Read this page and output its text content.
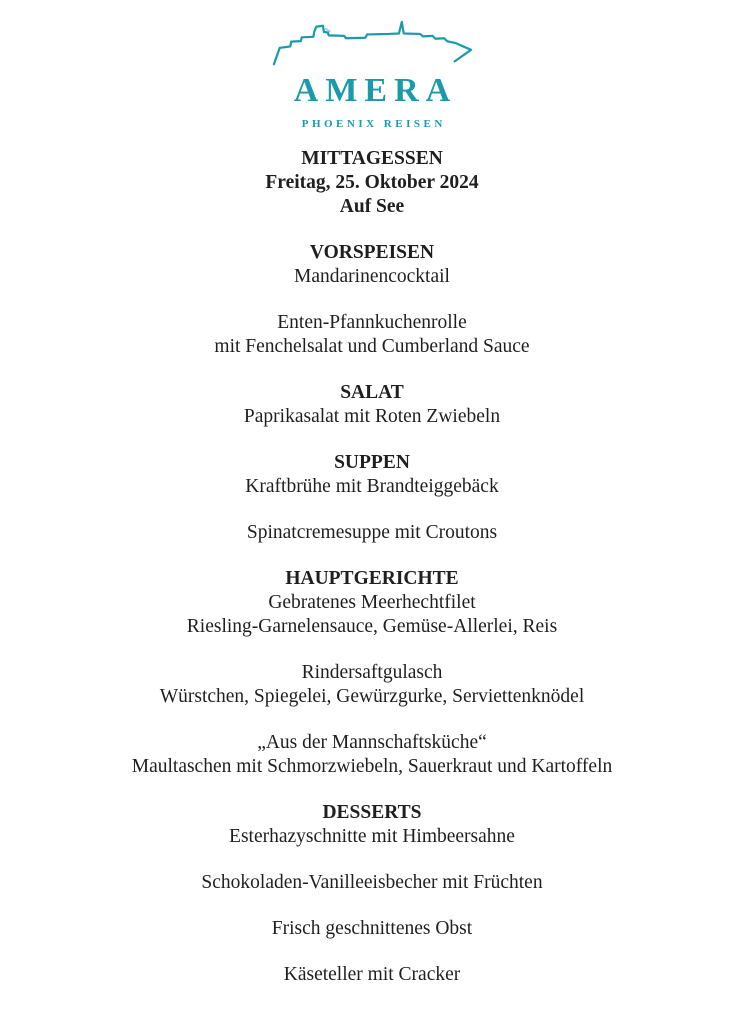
AMERA
PHOENIX REISEN
MITTAGESSEN
Freitag, 25. Oktober 2024
Auf See
VORSPEISEN
Mandarinencocktail
Enten-Pfannkuchenrolle
mit Fenchelsalat und Cumberland Sauce
SALAT
Paprikasalat mit Roten Zwiebeln
SUPPEN
Kraftbrühe mit Brandteiggebäck
Spinatcremesuppe mit Croutons
HAUPTGERICHTE
Gebratenes Meerhechtfilet
Riesling-Garnelensauce, Gemüse-Allerlei, Reis
Rindersaftgulasch
Würstchen, Spiegelei, Gewürzgurke, Serviettenknödel
„Aus der Mannschaftsküche“
Maultaschen mit Schmorzwiebeln, Sauerkraut und Kartoffeln
DESSERTS
Esterhazyschnitte mit Himbeersahne
Schokoladen-Vanilleeisbecher mit Früchten
Frisch geschnittenes Obst
Käseteller mit Cracker
